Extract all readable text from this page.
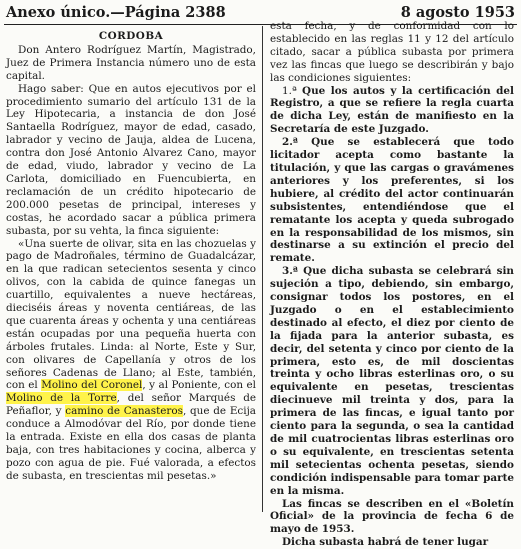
Anexo único.—Página 2388	8 agosto 1953
CORDOBA

Don Antero Rodríguez Martín, Magistrado, Juez de Primera Instancia número uno de esta capital.

Hago saber: Que en autos ejecutivos por el procedimiento sumario del artículo 131 de la Ley Hipotecaria, a instancia de don José Santaella Rodríguez, mayor de edad, casado, labrador y vecino de Jauja, aldea de Lucena, contra don José Antonio Alvarez Cano, mayor de edad, viudo, labrador y vecino de La Carlota, domiciliado en Fuencubierta, en reclamación de un crédito hipotecario de 200.000 pesetas de principal, intereses y costas, he acordado sacar a pública primera subasta, por su vehta, la finca siguiente:

«Una suerte de olivar, sita en las chozuelas y pago de Madroñales, término de Guadalcázar, en la que radican setecientos sesenta y cinco olivos, con la cabida de quince fanegas un cuartillo, equivalentes a nueve hectáreas, dieciséis áreas y noventa centiáreas, de las que cuarenta áreas y ochenta y una centiáreas están ocupadas por una pequeña huerta con árboles frutales. Linda: al Norte, Este y Sur, con olivares de Capellanía y otros de los señores Cadenas de Llano; al Este, también, con el Molino del Coronel, y al Poniente, con el Molino de la Torre, del señor Marqués de Peñaflor, y camino de Canasteros, que de Ecija conduce a Almodóvar del Río, por donde tiene la entrada. Existe en ella dos casas de planta baja, con tres habitaciones y cocina, alberca y pozo con agua de pie. Fué valorada, a efectos de subasta, en trescientas mil pesetas.»

esta fecha, y de conformidad con lo establecido en las reglas 11 y 12 del artículo citado, sacar a pública subasta por primera vez las fincas que luego se describirán y bajo las condiciones siguientes:

1.ª Que los autos y la certificación del Registro, a que se refiere la regla cuarta de dicha Ley, están de manifiesto en la Secretaría de este Juzgado.

2.ª Que se establecerá que todo licitador acepta como bastante la titulación, y que las cargas o gravámenes anteriores y los preferentes, si los hubiere, al crédito del actor continuarán subsistentes, entendiéndose que el rematante los acepta y queda subrogado en la responsabilidad de los mismos, sin destinarse a su extinción el precio del remate.

3.ª Que dicha subasta se celebrará sin sujeción a tipo, debiendo, sin embargo, consignar todos los postores, en el Juzgado o en el establecimiento destinado al efecto, el diez por ciento de la fijada para la anterior subasta, es decir, del setenta y cinco por ciento de la primera, esto es, de mil doscientas treinta y ocho libras esterlinas oro, o su equivalente en pesetas, trescientas diecinueve mil treinta y dos, para la primera de las fincas, e igual tanto por ciento para la segunda, o sea la cantidad de mil cuatrocientas libras esterlinas oro o su equivalente, en trescientas setenta mil setecientas ochenta pesetas, siendo condición indispensable para tomar parte en la misma.

Las fincas se describen en el «Boletín Oficial» de la provincia de fecha 6 de mayo de 1953.

Dicha subasta habrá de tener lugar
